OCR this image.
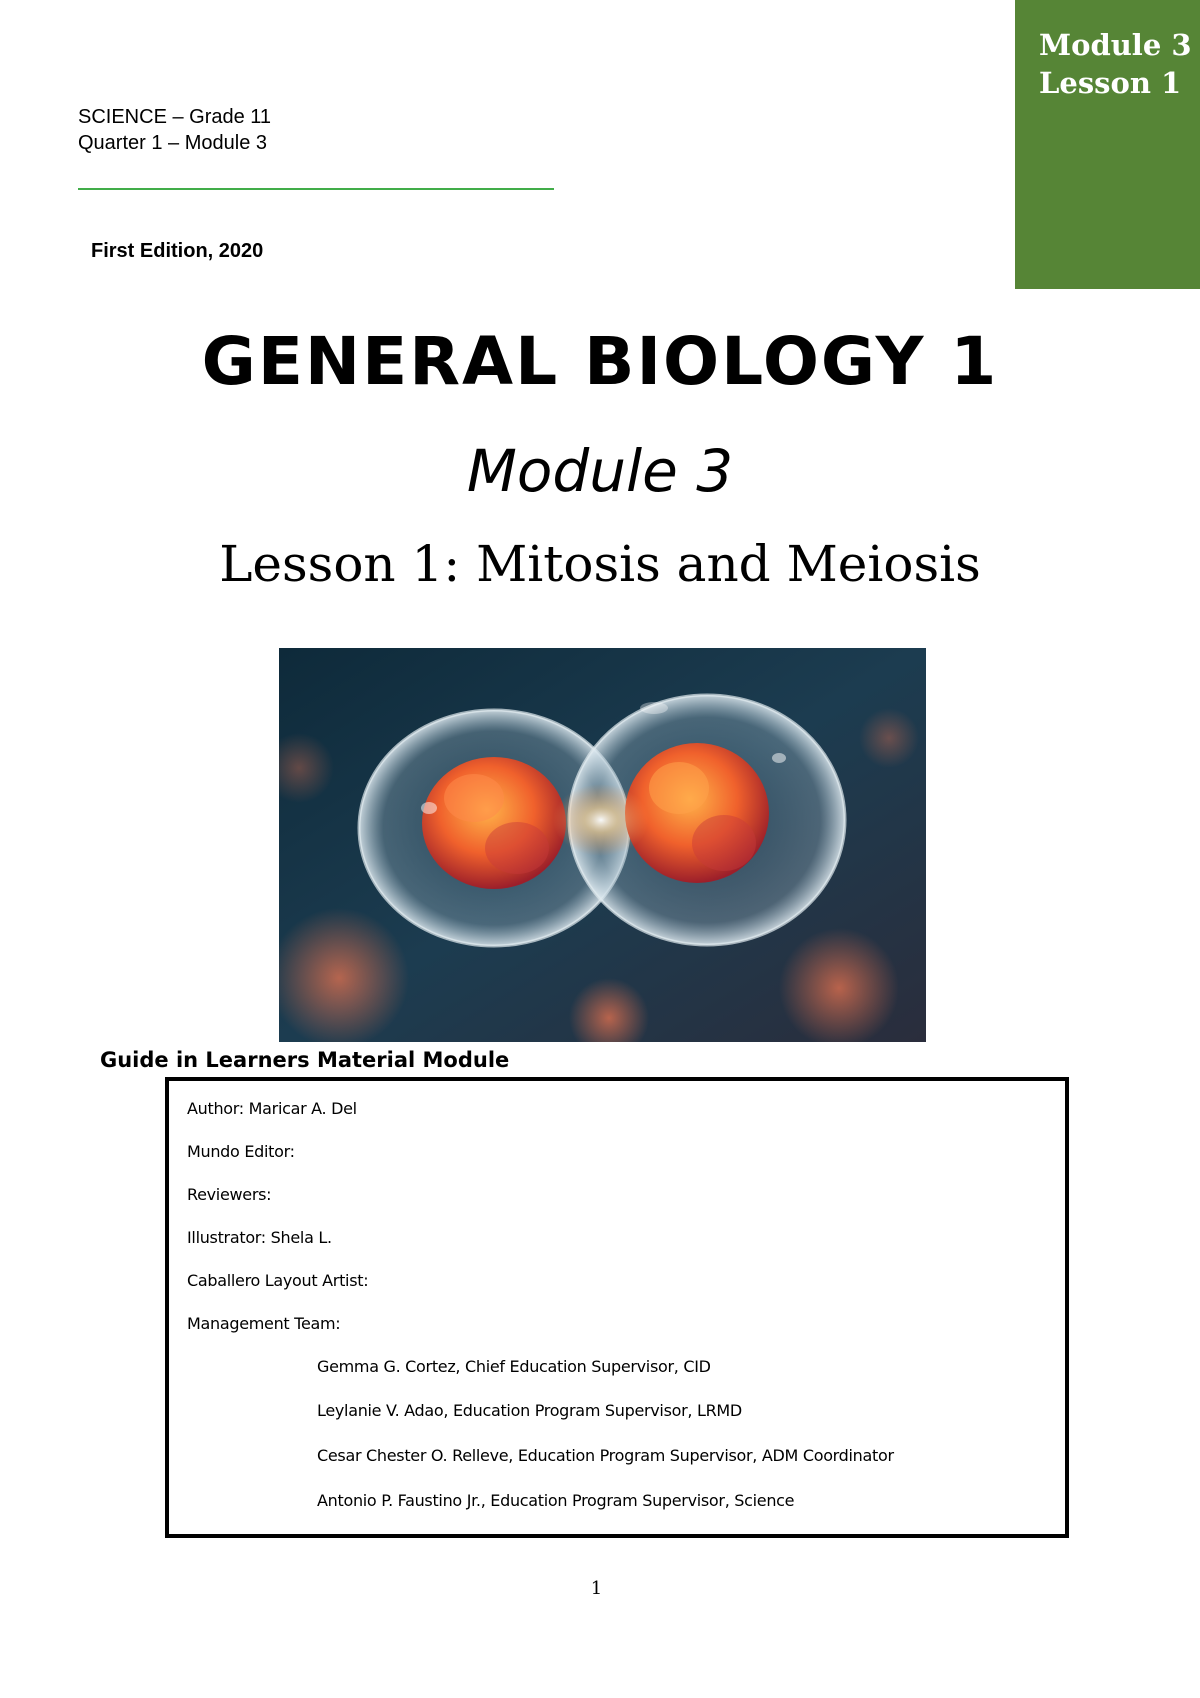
Module 3
Lesson 1
SCIENCE – Grade 11
Quarter 1 – Module 3
First Edition, 2020
GENERAL BIOLOGY 1
Module 3
Lesson 1: Mitosis and Meiosis
Guide in Learners Material Module
Author: Maricar A. Del
Mundo Editor:
Reviewers:
Illustrator: Shela L.
Caballero Layout Artist:
Management Team:
Gemma G. Cortez, Chief Education Supervisor, CID
Leylanie V. Adao, Education Program Supervisor, LRMD
Cesar Chester O. Relleve, Education Program Supervisor, ADM Coordinator
Antonio P. Faustino Jr., Education Program Supervisor, Science
1
